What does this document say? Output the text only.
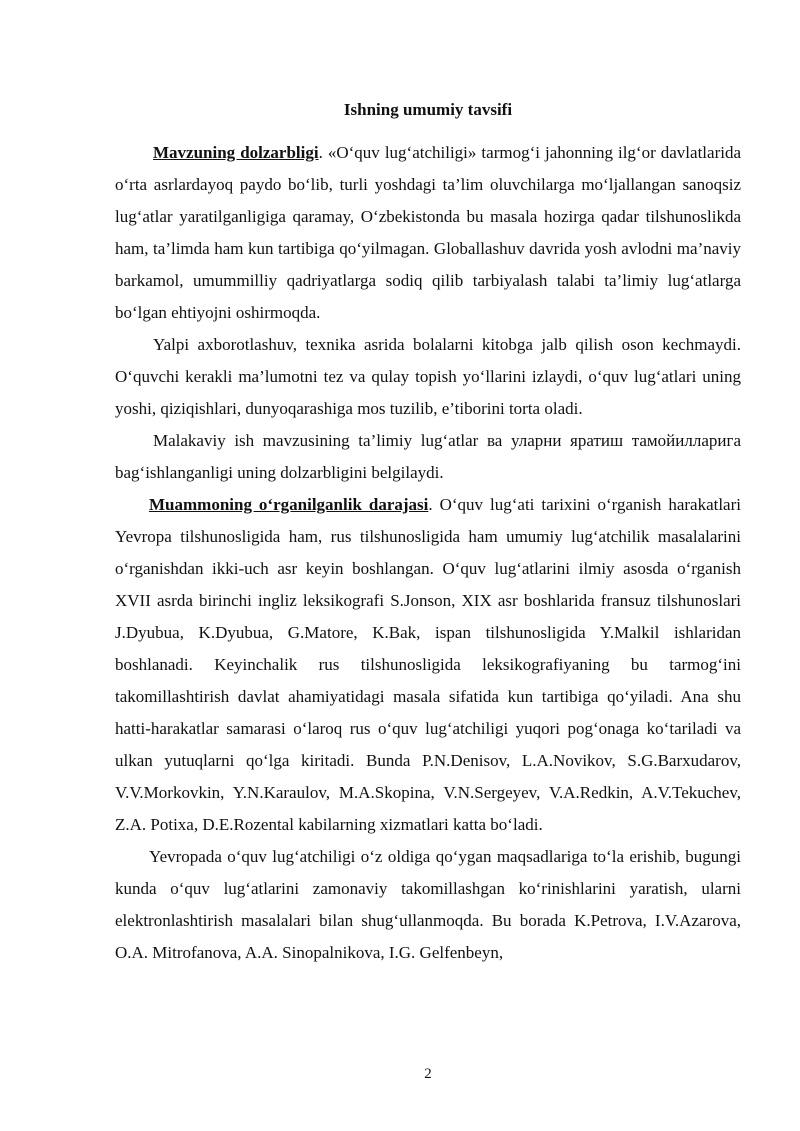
Ishning umumiy tavsifi

Mavzuning dolzarbligi. «O‘quv lug‘atchiligi» tarmog‘i jahonning ilg‘or davlatlarida o‘rta asrlardayoq paydo bo‘lib, turli yoshdagi ta’lim oluvchilarga mo‘ljallangan sanoqsiz lug‘atlar yaratilganligiga qaramay, O‘zbekistonda bu masala hozirga qadar tilshunoslikda ham, ta’limda ham kun tartibiga qo‘yilmagan. Globallashuv davrida yosh avlodni ma’naviy barkamol, umummilliy qadriyatlarga sodiq qilib tarbiyalash talabi ta’limiy lug‘atlarga bo‘lgan ehtiyojni oshirmoqda.

Yalpi axborotlashuv, texnika asrida bolalarni kitobga jalb qilish oson kechmaydi. O‘quvchi kerakli ma’lumotni tez va qulay topish yo‘llarini izlaydi, o‘quv lug‘atlari uning yoshi, qiziqishlari, dunyoqarashiga mos tuzilib, e’tiborini torta oladi.

Malakaviy ish mavzusining ta’limiy lug‘atlar ва уларни яратиш тамойилларига bag‘ishlanganligi uning dolzarbligini belgilaydi.

Muammoning o‘rganilganlik darajasi. O‘quv lug‘ati tarixini o‘rganish harakatlari Yevropa tilshunosligida ham, rus tilshunosligida ham umumiy lug‘atchilik masalalarini o‘rganishdan ikki-uch asr keyin boshlangan. O‘quv lug‘atlarini ilmiy asosda o‘rganish XVII asrda birinchi ingliz leksikografi S.Jonson, XIX asr boshlarida fransuz tilshunoslari J.Dyubua, K.Dyubua, G.Matore, K.Bak, ispan tilshunosligida Y.Malkil ishlaridan boshlanadi. Keyinchalik rus tilshunosligida leksikografiyaning bu tarmog‘ini takomillashtirish davlat ahamiyatidagi masala sifatida kun tartibiga qo‘yiladi. Ana shu hatti-harakatlar samarasi o‘laroq rus o‘quv lug‘atchiligi yuqori pog‘onaga ko‘tariladi va ulkan yutuqlarni qo‘lga kiritadi. Bunda P.N.Denisov, L.A.Novikov, S.G.Barxudarov, V.V.Morkovkin, Y.N.Karaulov, M.A.Skopina, V.N.Sergeyev, V.A.Redkin, A.V.Tekuchev, Z.A. Potixa, D.E.Rozental kabilarning xizmatlari katta bo‘ladi.

Yevropada o‘quv lug‘atchiligi o‘z oldiga qo‘ygan maqsadlariga to‘la erishib, bugungi kunda o‘quv lug‘atlarini zamonaviy takomillashgan ko‘rinishlarini yaratish, ularni elektronlashtirish masalalari bilan shug‘ullanmoqda. Bu borada K.Petrova, I.V.Azarova, O.A. Mitrofanova, A.A. Sinopalnikova, I.G. Gelfenbeyn,

2
